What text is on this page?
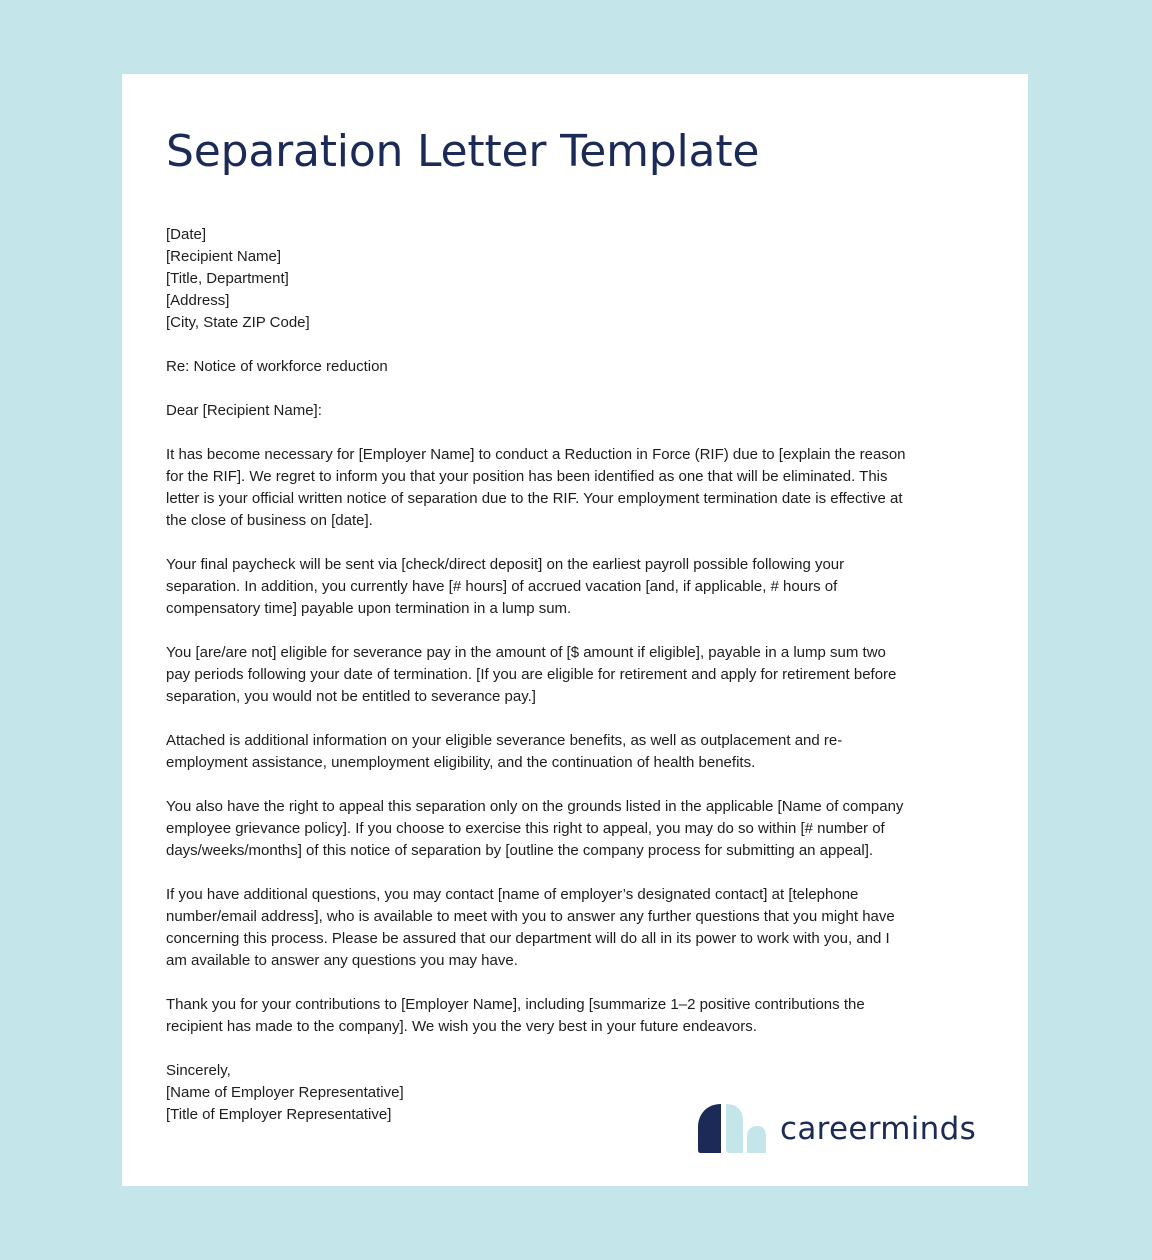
Separation Letter Template
[Date]
[Recipient Name]
[Title, Department]
[Address]
[City, State ZIP Code]

Re: Notice of workforce reduction

Dear [Recipient Name]:

It has become necessary for [Employer Name] to conduct a Reduction in Force (RIF) due to [explain the reason
for the RIF]. We regret to inform you that your position has been identified as one that will be eliminated. This
letter is your official written notice of separation due to the RIF. Your employment termination date is effective at
the close of business on [date].

Your final paycheck will be sent via [check/direct deposit] on the earliest payroll possible following your
separation. In addition, you currently have [# hours] of accrued vacation [and, if applicable, # hours of
compensatory time] payable upon termination in a lump sum.

You [are/are not] eligible for severance pay in the amount of [$ amount if eligible], payable in a lump sum two
pay periods following your date of termination. [If you are eligible for retirement and apply for retirement before
separation, you would not be entitled to severance pay.]

Attached is additional information on your eligible severance benefits, as well as outplacement and re-
employment assistance, unemployment eligibility, and the continuation of health benefits.

You also have the right to appeal this separation only on the grounds listed in the applicable [Name of company
employee grievance policy]. If you choose to exercise this right to appeal, you may do so within [# number of
days/weeks/months] of this notice of separation by [outline the company process for submitting an appeal].

If you have additional questions, you may contact [name of employer’s designated contact] at [telephone
number/email address], who is available to meet with you to answer any further questions that you might have
concerning this process. Please be assured that our department will do all in its power to work with you, and I
am available to answer any questions you may have.

Thank you for your contributions to [Employer Name], including [summarize 1–2 positive contributions the
recipient has made to the company]. We wish you the very best in your future endeavors.

Sincerely,
[Name of Employer Representative]
[Title of Employer Representative]	careerminds
